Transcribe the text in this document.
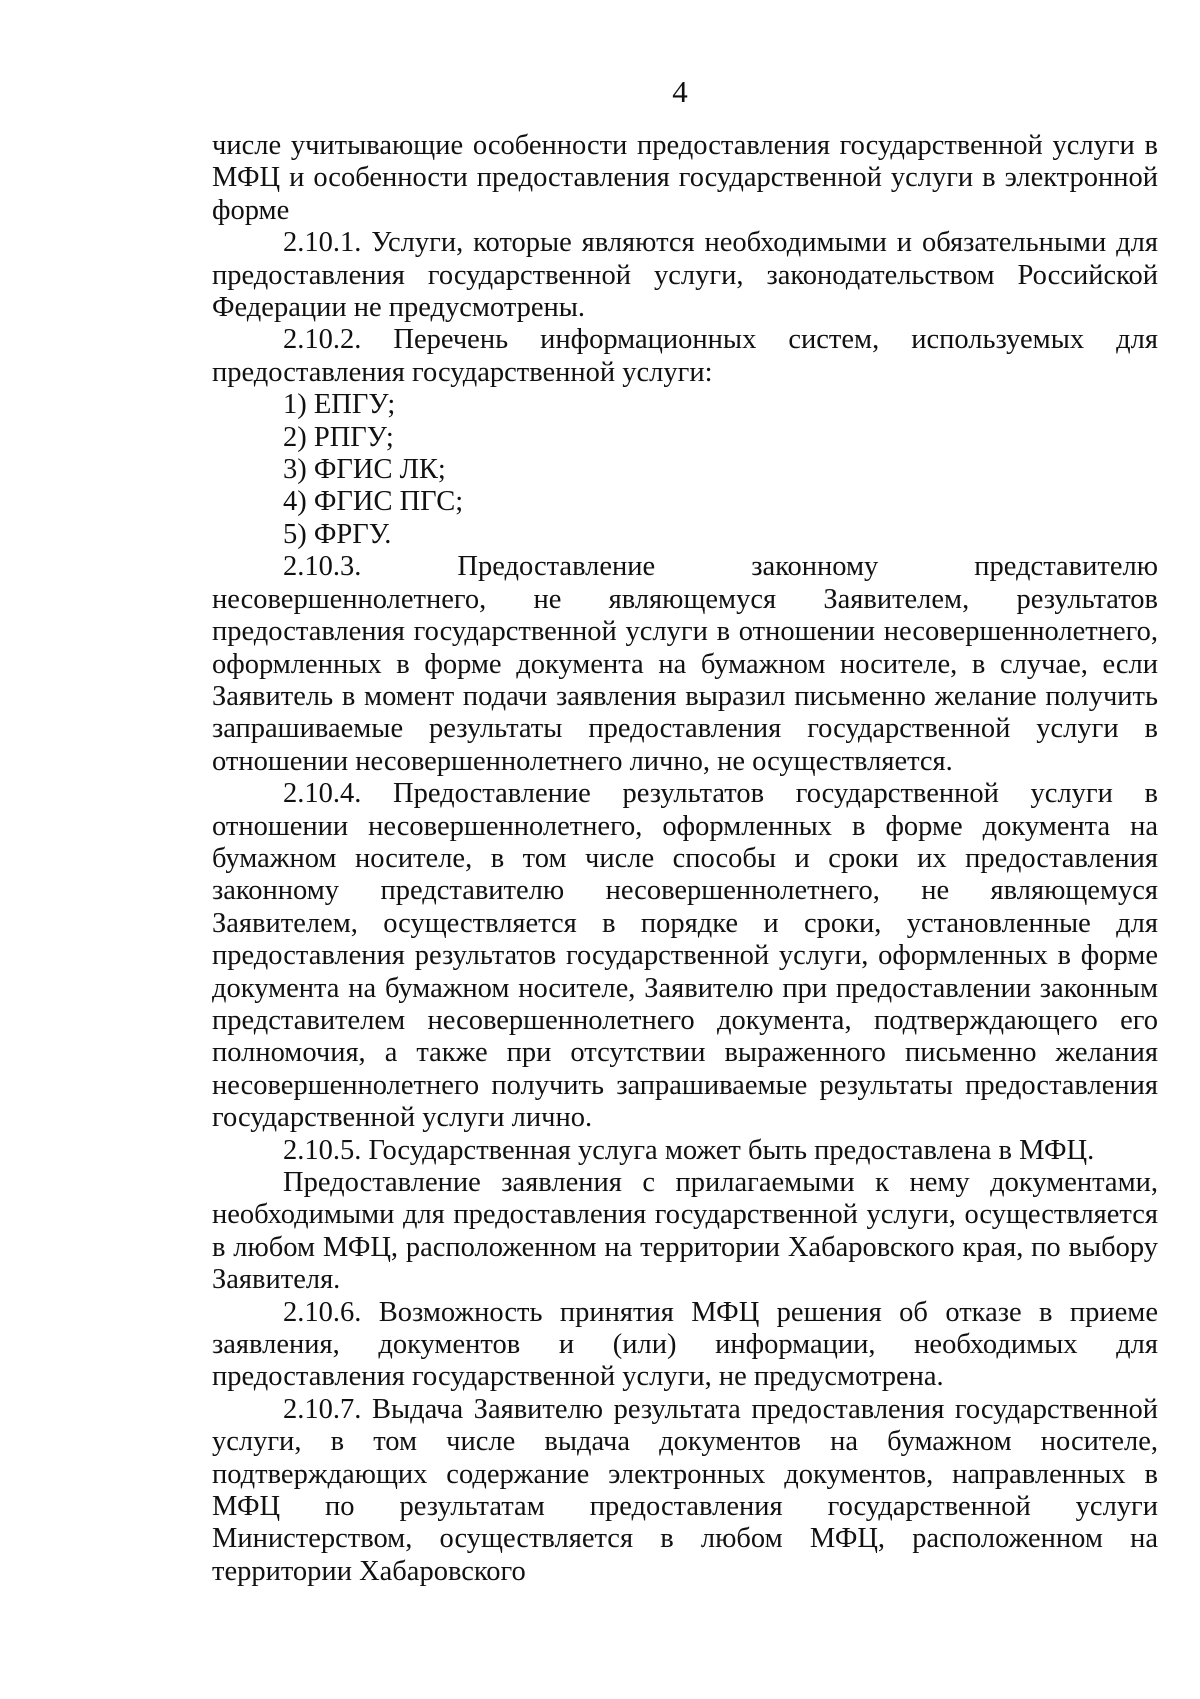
4

числе учитывающие особенности предоставления государственной услуги в МФЦ и особенности предоставления государственной услуги в электронной форме

2.10.1. Услуги, которые являются необходимыми и обязательными для предоставления государственной услуги, законодательством Российской Федерации не предусмотрены.

2.10.2. Перечень информационных систем, используемых для предоставления государственной услуги:

1) ЕПГУ;

2) РПГУ;

3) ФГИС ЛК;

4) ФГИС ПГС;

5) ФРГУ.

2.10.3. Предоставление законному представителю несовершеннолетнего, не являющемуся Заявителем, результатов предоставления государственной услуги в отношении несовершеннолетнего, оформленных в форме документа на бумажном носителе, в случае, если Заявитель в момент подачи заявления выразил письменно желание получить запрашиваемые результаты предоставления государственной услуги в отношении несовершеннолетнего лично, не осуществляется.

2.10.4. Предоставление результатов государственной услуги в отношении несовершеннолетнего, оформленных в форме документа на бумажном носителе, в том числе способы и сроки их предоставления законному представителю несовершеннолетнего, не являющемуся Заявителем, осуществляется в порядке и сроки, установленные для предоставления результатов государственной услуги, оформленных в форме документа на бумажном носителе, Заявителю при предоставлении законным представителем несовершеннолетнего документа, подтверждающего его полномочия, а также при отсутствии выраженного письменно желания несовершеннолетнего получить запрашиваемые результаты предоставления государственной услуги лично.

2.10.5. Государственная услуга может быть предоставлена в МФЦ.

Предоставление заявления с прилагаемыми к нему документами, необходимыми для предоставления государственной услуги, осуществляется в любом МФЦ, расположенном на территории Хабаровского края, по выбору Заявителя.

2.10.6. Возможность принятия МФЦ решения об отказе в приеме заявления, документов и (или) информации, необходимых для предоставления государственной услуги, не предусмотрена.

2.10.7. Выдача Заявителю результата предоставления государственной услуги, в том числе выдача документов на бумажном носителе, подтверждающих содержание электронных документов, направленных в МФЦ по результатам предоставления государственной услуги Министерством, осуществляется в любом МФЦ, расположенном на территории Хабаровского
